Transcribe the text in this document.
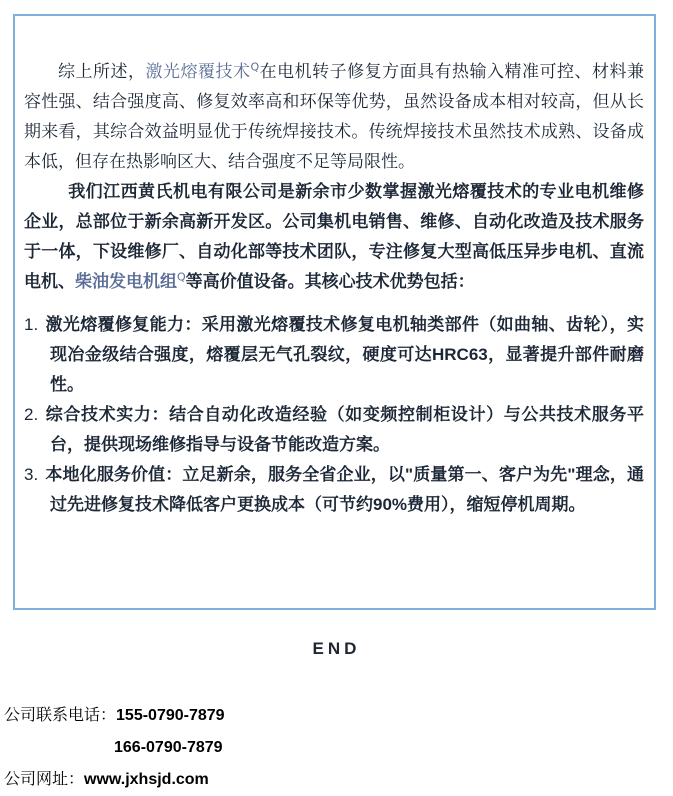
综上所述，激光熔覆技术$^Q$在电机转子修复方面具有热输入精准可控、材料兼容性强、结合强度高、修复效率高和环保等优势，虽然设备成本相对较高，但从长期来看，其综合效益明显优于传统焊接技术。传统焊接技术虽然技术成熟、设备成本低，但存在热影响区大、结合强度不足等局限性。

我们江西黄氏机电有限公司是新余市少数掌握激光熔覆技术的专业电机维修企业，总部位于新余高新开发区。公司集机电销售、维修、自动化改造及技术服务于一体，下设维修厂、自动化部等技术团队，专注修复大型高低压异步电机、直流电机、柴油发电机组$^Q$等高价值设备。其核心技术优势包括：

1. 激光熔覆修复能力：采用激光熔覆技术修复电机轴类部件（如曲轴、齿轮），实现冶金级结合强度，熔覆层无气孔裂纹，硬度可达HRC63，显著提升部件耐磨性。
2. 综合技术实力：结合自动化改造经验（如变频控制柜设计）与公共技术服务平台，提供现场维修指导与设备节能改造方案。
3. 本地化服务价值：立足新余，服务全省企业，以"质量第一、客户为先"理念，通过先进修复技术降低客户更换成本（可节约90%费用），缩短停机周期。
END
公司联系电话：155-0790-7879
166-0790-7879
公司网址：www.jxhsjd.com
